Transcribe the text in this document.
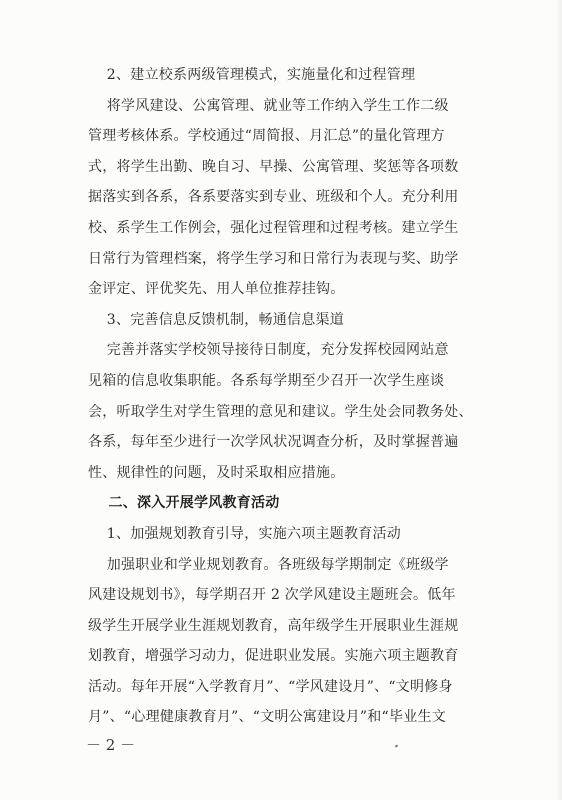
2、建立校系两级管理模式，实施量化和过程管理
将学风建设、公寓管理、就业等工作纳入学生工作二级
管理考核体系。学校通过“周简报、月汇总”的量化管理方
式，将学生出勤、晚自习、早操、公寓管理、奖惩等各项数
据落实到各系，各系要落实到专业、班级和个人。充分利用
校、系学生工作例会，强化过程管理和过程考核。建立学生
日常行为管理档案，将学生学习和日常行为表现与奖、助学
金评定、评优奖先、用人单位推荐挂钩。
3、完善信息反馈机制，畅通信息渠道
完善并落实学校领导接待日制度，充分发挥校园网站意
见箱的信息收集职能。各系每学期至少召开一次学生座谈
会，听取学生对学生管理的意见和建议。学生处会同教务处、
各系，每年至少进行一次学风状况调查分析，及时掌握普遍
性、规律性的问题，及时采取相应措施。
二、深入开展学风教育活动
1、加强规划教育引导，实施六项主题教育活动
加强职业和学业规划教育。各班级每学期制定《班级学
风建设规划书》，每学期召开 2 次学风建设主题班会。低年
级学生开展学业生涯规划教育，高年级学生开展职业生涯规
划教育，增强学习动力，促进职业发展。实施六项主题教育
活动。每年开展“入学教育月”、“学风建设月”、“文明修身
月”、“心理健康教育月”、“文明公寓建设月”和“毕业生文
－ 2 －
